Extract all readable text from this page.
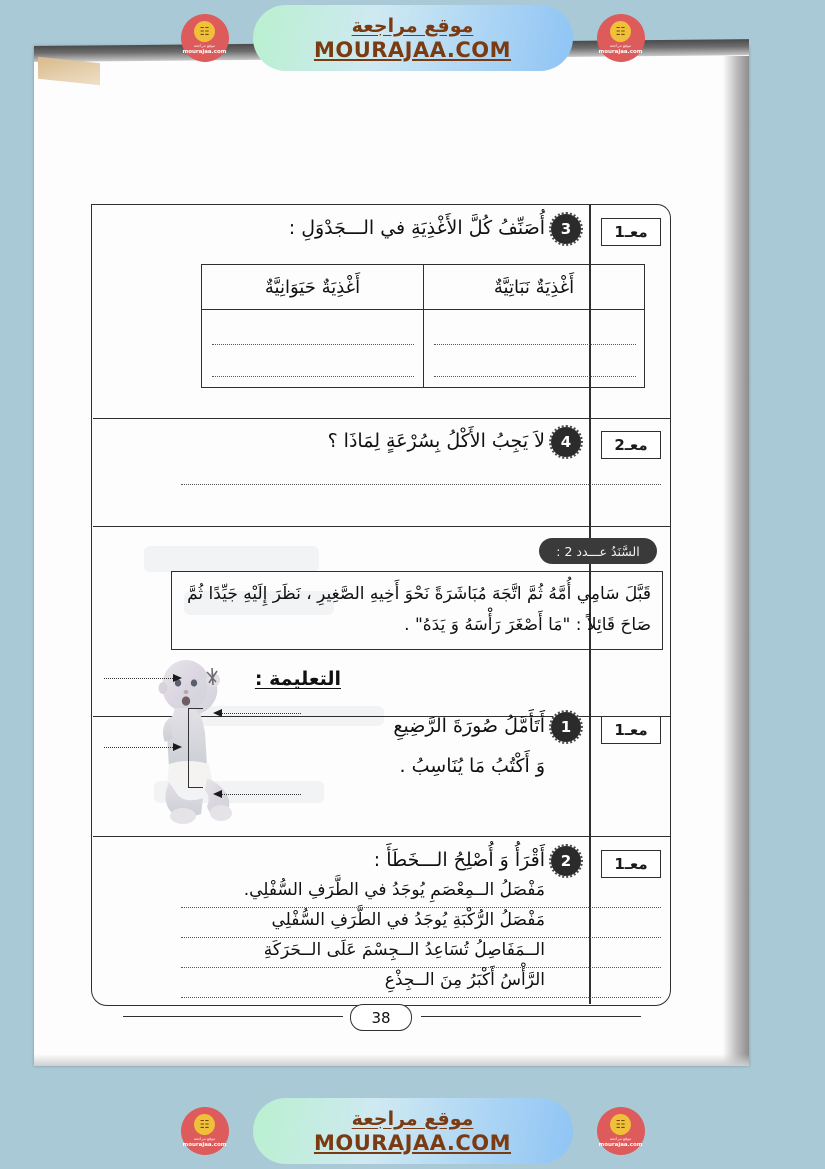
☷
موقع مراجعة
mourajaa.com
موقع مراجعة
MOURAJAA.COM
☷
موقع مراجعة
mourajaa.com
معـ1
3
أُصَنِّفُ كُلَّ الأَغْذِيَةِ في الـــجَدْوَلِ :
أَغْذِيَةٌ نَبَاتِيَّةٌ
أَغْذِيَةٌ حَيَوَانِيَّةٌ
معـ2
4
لاَ يَجِبُ الأَكْلُ بِسُرْعَةٍ لِمَاذَا ؟
السَّنَدُ عـــدد 2 :
قَبَّلَ سَامِي أُمَّهُ ثُمَّ اتَّجَهَ مُبَاشَرَةً نَحْوَ أَخِيهِ الصَّغِيرِ ، نَظَرَ إِلَيْهِ جَيِّدًا ثُمَّ
صَاحَ قَائِلاً : "مَا أَصْغَرَ رَأْسَهُ وَ يَدَهُ" .
التعليمة :
معـ1
1
أَتَأَمَّلُ صُورَةَ الرَّضِيعِ
وَ أَكْتُبُ مَا يُنَاسِبُ .
معـ1
2
أَقْرَأُ وَ أُصْلِحُ الـــخَطَأَ :
مَفْصَلُ الــمِعْصَمِ يُوجَدُ في الطَّرَفِ السُّفْلِي.
مَفْصَلُ الرُّكْبَةِ يُوجَدُ في الطَّرَفِ السُّفْلِي
الــمَفَاصِلُ تُسَاعِدُ الــجِسْمَ عَلَى الــحَرَكَةِ
الرَّأْسُ أَكْبَرُ مِنَ الــجِذْعِ
38
☷
موقع مراجعة
mourajaa.com
موقع مراجعة
MOURAJAA.COM
☷
موقع مراجعة
mourajaa.com
